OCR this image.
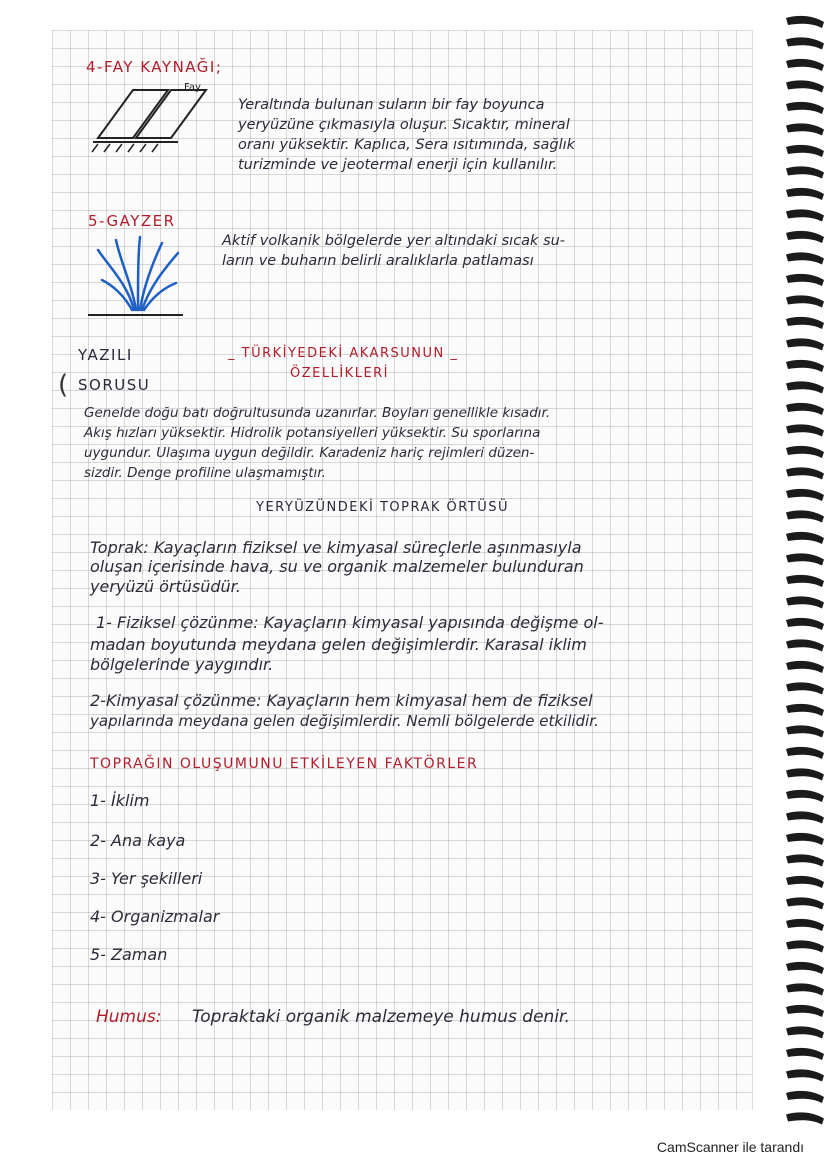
4-FAY KAYNAĞI;
Fay
Yeraltında bulunan suların bir fay boyunca
yeryüzüne çıkmasıyla oluşur. Sıcaktır, mineral
oranı yüksektir. Kaplıca, Sera ısıtımında, sağlık
turizminde ve jeotermal enerji için kullanılır.
5-GAYZER
Aktif volkanik bölgelerde yer altındaki sıcak su-
ların ve buharın belirli aralıklarla patlaması
YAZILI
SORUSU
(
_ TÜRKİYEDEKİ AKARSUNUN _
ÖZELLİKLERİ
Genelde doğu batı doğrultusunda uzanırlar. Boyları genellikle kısadır.
Akış hızları yüksektir. Hidrolik potansiyelleri yüksektir. Su sporlarına
uygundur. Ulaşıma uygun değildir. Karadeniz hariç rejimleri düzen-
sizdir. Denge profiline ulaşmamıştır.
YERYÜZÜNDEKİ TOPRAK ÖRTÜSÜ
Toprak: Kayaçların fiziksel ve kimyasal süreçlerle aşınmasıyla
oluşan içerisinde hava, su ve organik malzemeler bulunduran
yeryüzü örtüsüdür.
1- Fiziksel çözünme: Kayaçların kimyasal yapısında değişme ol-
madan boyutunda meydana gelen değişimlerdir. Karasal iklim
bölgelerinde yaygındır.
2-Kimyasal çözünme: Kayaçların hem kimyasal hem de fiziksel
yapılarında meydana gelen değişimlerdir. Nemli bölgelerde etkilidir.
TOPRAĞIN OLUŞUMUNU ETKİLEYEN FAKTÖRLER
1- İklim
2- Ana kaya
3- Yer şekilleri
4- Organizmalar
5- Zaman
Humus: Topraktaki organik malzemeye humus denir.
CamScanner ile tarandı
